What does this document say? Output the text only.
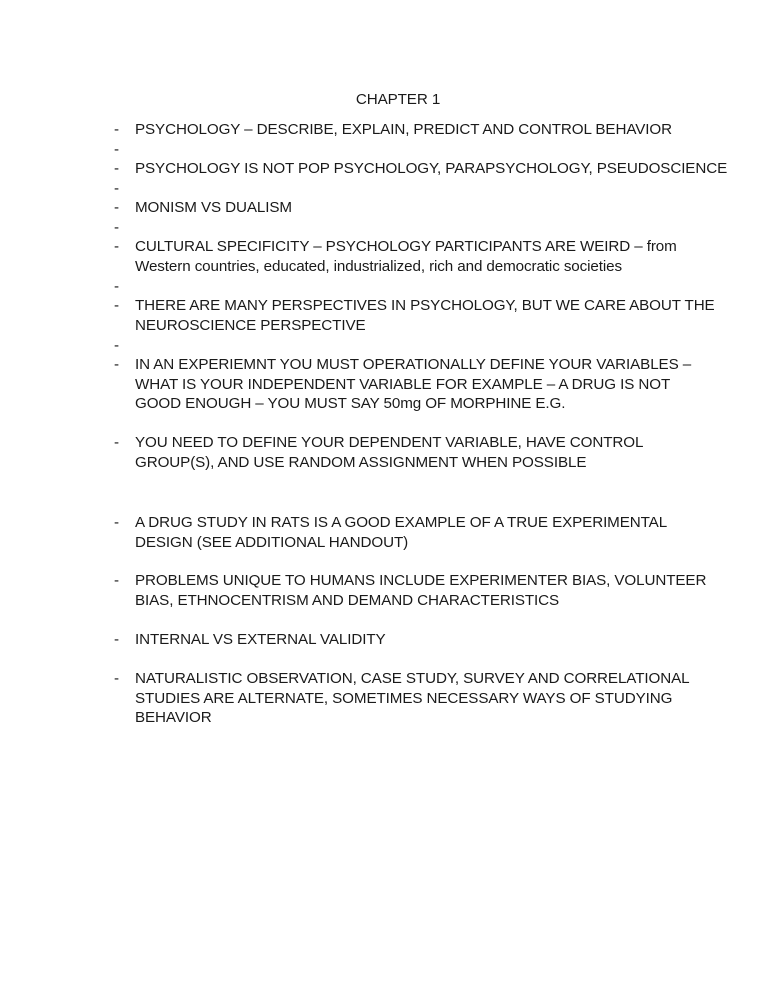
CHAPTER 1
-	PSYCHOLOGY – DESCRIBE, EXPLAIN, PREDICT AND CONTROL BEHAVIOR
-
-	PSYCHOLOGY IS NOT POP PSYCHOLOGY, PARAPSYCHOLOGY, PSEUDOSCIENCE
-
-	MONISM VS DUALISM
-
-	CULTURAL SPECIFICITY – PSYCHOLOGY PARTICIPANTS ARE WEIRD – from
Western countries, educated, industrialized, rich and democratic societies
-
-	THERE ARE MANY PERSPECTIVES IN PSYCHOLOGY, BUT WE CARE ABOUT THE
NEUROSCIENCE PERSPECTIVE
-
-	IN AN EXPERIEMNT YOU MUST OPERATIONALLY DEFINE YOUR VARIABLES –
WHAT IS YOUR INDEPENDENT VARIABLE FOR EXAMPLE – A DRUG IS NOT
GOOD ENOUGH – YOU MUST SAY 50mg OF MORPHINE E.G.
-	YOU NEED TO DEFINE YOUR DEPENDENT VARIABLE, HAVE CONTROL
GROUP(S), AND USE RANDOM ASSIGNMENT WHEN POSSIBLE
-	A DRUG STUDY IN RATS IS A GOOD EXAMPLE OF A TRUE EXPERIMENTAL
DESIGN (SEE ADDITIONAL HANDOUT)
-	PROBLEMS UNIQUE TO HUMANS INCLUDE EXPERIMENTER BIAS, VOLUNTEER
BIAS, ETHNOCENTRISM AND DEMAND CHARACTERISTICS
-	INTERNAL VS EXTERNAL VALIDITY
-	NATURALISTIC OBSERVATION, CASE STUDY, SURVEY AND CORRELATIONAL
STUDIES ARE ALTERNATE, SOMETIMES NECESSARY WAYS OF STUDYING
BEHAVIOR
